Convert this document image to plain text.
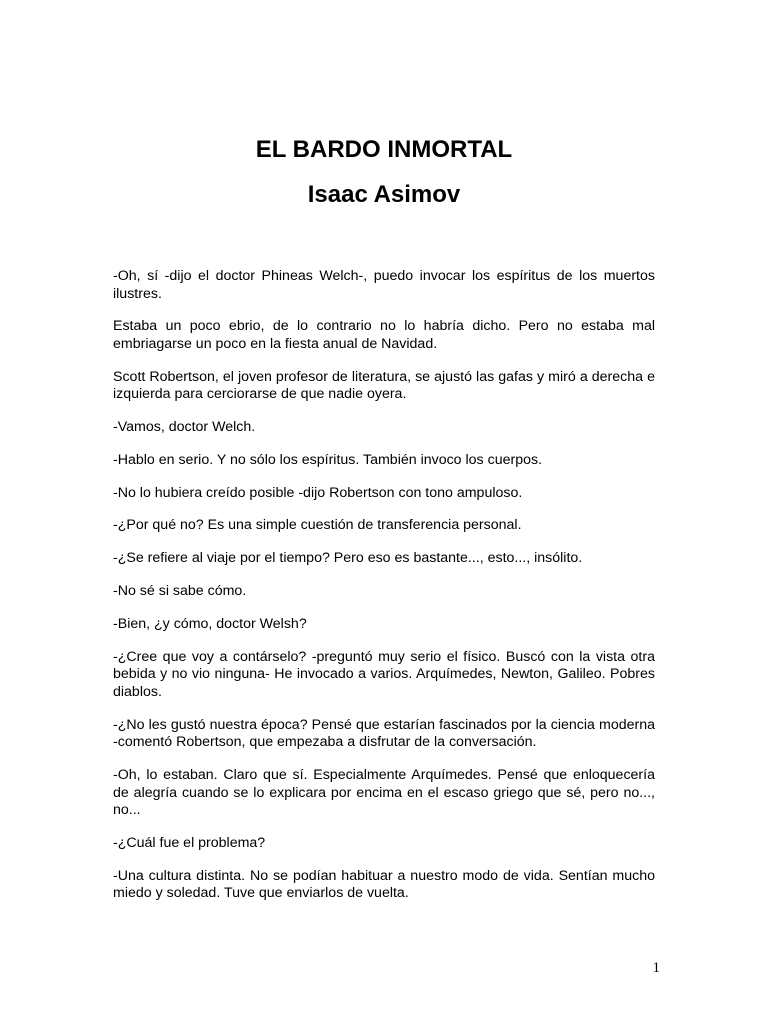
EL BARDO INMORTAL
Isaac Asimov

-Oh, sí -dijo el doctor Phineas Welch-, puedo invocar los espíritus de los muertos ilustres.

Estaba un poco ebrio, de lo contrario no lo habría dicho. Pero no estaba mal embriagarse un poco en la fiesta anual de Navidad.

Scott Robertson, el joven profesor de literatura, se ajustó las gafas y miró a derecha e izquierda para cerciorarse de que nadie oyera.

-Vamos, doctor Welch.

-Hablo en serio. Y no sólo los espíritus. También invoco los cuerpos.

-No lo hubiera creído posible -dijo Robertson con tono ampuloso.

-¿Por qué no? Es una simple cuestión de transferencia personal.

-¿Se refiere al viaje por el tiempo? Pero eso es bastante..., esto..., insólito.

-No sé si sabe cómo.

-Bien, ¿y cómo, doctor Welsh?

-¿Cree que voy a contárselo? -preguntó muy serio el físico. Buscó con la vista otra bebida y no vio ninguna- He invocado a varios. Arquímedes, Newton, Galileo. Pobres diablos.

-¿No les gustó nuestra época? Pensé que estarían fascinados por la ciencia moderna -comentó Robertson, que empezaba a disfrutar de la conversación.

-Oh, lo estaban. Claro que sí. Especialmente Arquímedes. Pensé que enloquecería de alegría cuando se lo explicara por encima en el escaso griego que sé, pero no..., no...

-¿Cuál fue el problema?

-Una cultura distinta. No se podían habituar a nuestro modo de vida. Sentían mucho miedo y soledad. Tuve que enviarlos de vuelta.

1
